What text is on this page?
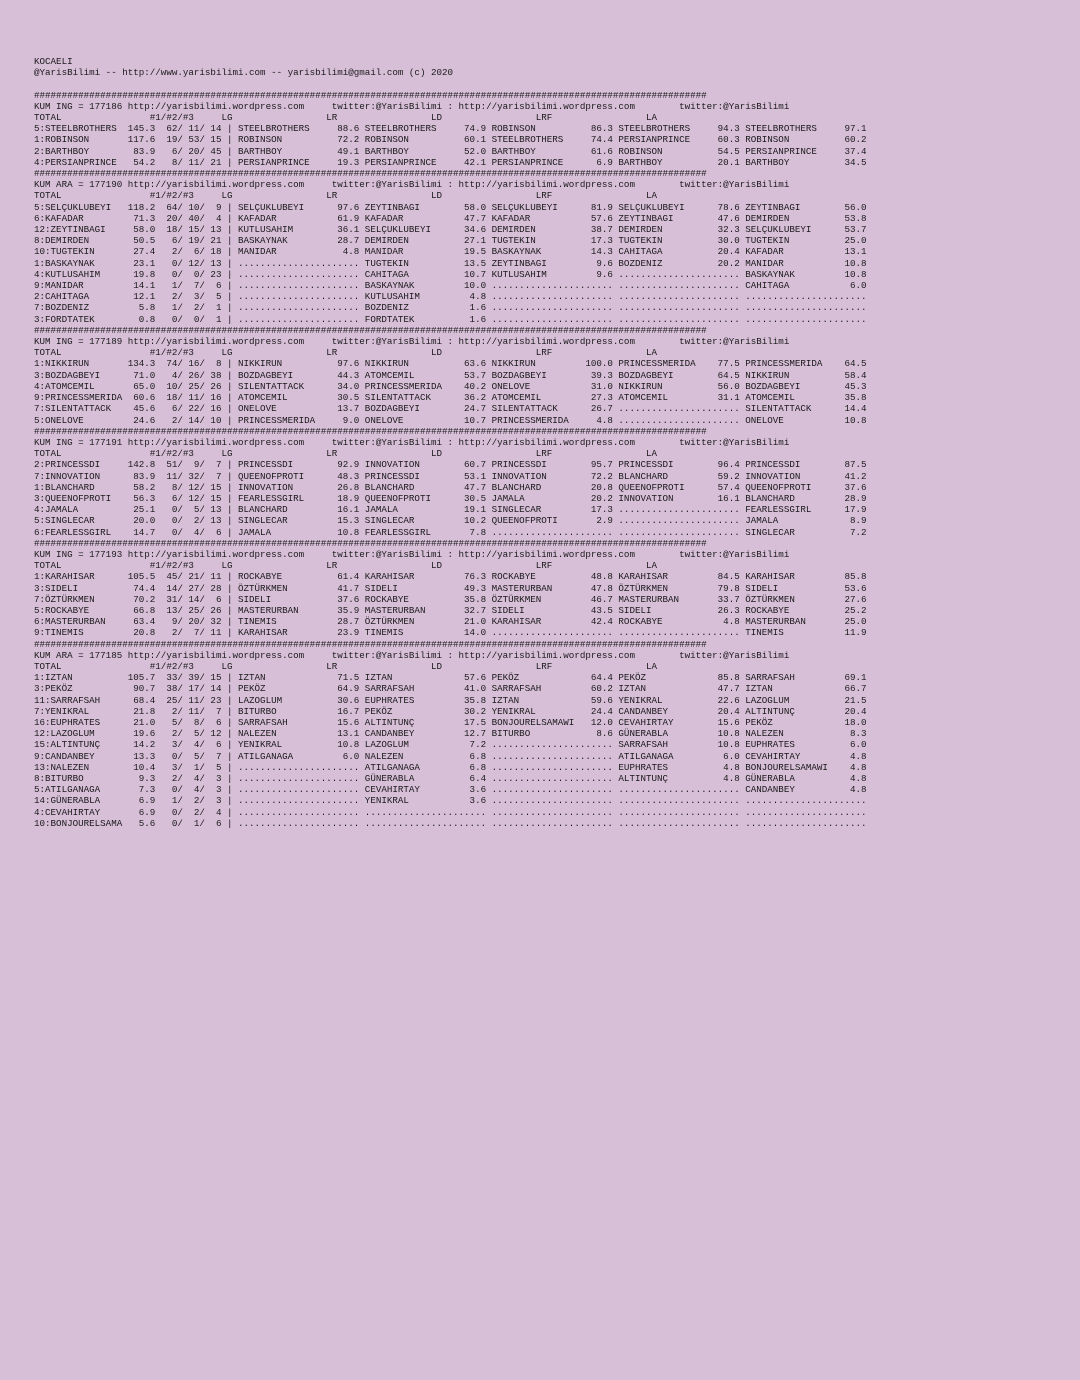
KOCAELI
@YarisBilimi -- http://www.yarisbilimi.com -- yarisbilimi@gmail.com (c) 2020

##########################################################################################################################
KUM ING = 177186 http://yarisbilimi.wordpress.com     twitter:@YarisBilimi : http://yarisbilimi.wordpress.com        twitter:@YarisBilimi
TOTAL                #1/#2/#3     LG                 LR                 LD                 LRF                 LA
5:STEELBROTHERS  145.3  62/ 11/ 14 | STEELBROTHERS     88.6 STEELBROTHERS     74.9 ROBINSON          86.3 STEELBROTHERS     94.3 STEELBROTHERS     97.1
1:ROBINSON       117.6  19/ 53/ 15 | ROBINSON          72.2 ROBINSON          60.1 STEELBROTHERS     74.4 PERSIANPRINCE     60.3 ROBINSON          60.2
2:BARTHBOY        83.9   6/ 20/ 45 | BARTHBOY          49.1 BARTHBOY          52.0 BARTHBOY          61.6 ROBINSON          54.5 PERSIANPRINCE     37.4
4:PERSIANPRINCE   54.2   8/ 11/ 21 | PERSIANPRINCE     19.3 PERSIANPRINCE     42.1 PERSIANPRINCE      6.9 BARTHBOY          20.1 BARTHBOY          34.5
##########################################################################################################################
KUM ARA = 177190 http://yarisbilimi.wordpress.com     twitter:@YarisBilimi : http://yarisbilimi.wordpress.com        twitter:@YarisBilimi
TOTAL                #1/#2/#3     LG                 LR                 LD                 LRF                 LA
5:SELÇUKLUBEYI   118.2  64/ 10/  9 | SELÇUKLUBEYI      97.6 ZEYTINBAGI        58.0 SELÇUKLUBEYI      81.9 SELÇUKLUBEYI      78.6 ZEYTINBAGI        56.0
6:KAFADAR         71.3  20/ 40/  4 | KAFADAR           61.9 KAFADAR           47.7 KAFADAR           57.6 ZEYTINBAGI        47.6 DEMIRDEN          53.8
12:ZEYTINBAGI     58.0  18/ 15/ 13 | KUTLUSAHIM        36.1 SELÇUKLUBEYI      34.6 DEMIRDEN          38.7 DEMIRDEN          32.3 SELÇUKLUBEYI      53.7
8:DEMIRDEN        50.5   6/ 19/ 21 | BASKAYNAK         28.7 DEMIRDEN          27.1 TUGTEKIN          17.3 TUGTEKIN          30.0 TUGTEKIN          25.0
10:TUGTEKIN       27.4   2/  6/ 18 | MANIDAR            4.8 MANIDAR           19.5 BASKAYNAK         14.3 CAHITAGA          20.4 KAFADAR           13.1
1:BASKAYNAK       23.1   0/ 12/ 13 | ...................... TUGTEKIN          13.5 ZEYTINBAGI         9.6 BOZDENIZ          20.2 MANIDAR           10.8
4:KUTLUSAHIM      19.8   0/  0/ 23 | ...................... CAHITAGA          10.7 KUTLUSAHIM         9.6 ...................... BASKAYNAK         10.8
9:MANIDAR         14.1   1/  7/  6 | ...................... BASKAYNAK         10.0 ...................... ...................... CAHITAGA           6.0
2:CAHITAGA        12.1   2/  3/  5 | ...................... KUTLUSAHIM         4.8 ...................... ...................... ......................
7:BOZDENIZ         5.8   1/  2/  1 | ...................... BOZDENIZ           1.6 ...................... ...................... ......................
3:FORDTATEK        0.8   0/  0/  1 | ...................... FORDTATEK          1.6 ...................... ...................... ......................
##########################################################################################################################
KUM ING = 177189 http://yarisbilimi.wordpress.com     twitter:@YarisBilimi : http://yarisbilimi.wordpress.com        twitter:@YarisBilimi
TOTAL                #1/#2/#3     LG                 LR                 LD                 LRF                 LA
1:NIKKIRUN       134.3  74/ 16/  8 | NIKKIRUN          97.6 NIKKIRUN          63.6 NIKKIRUN         100.0 PRINCESSMERIDA    77.5 PRINCESSMERIDA    64.5
3:BOZDAGBEYI      71.0   4/ 26/ 38 | BOZDAGBEYI        44.3 ATOMCEMIL         53.7 BOZDAGBEYI        39.3 BOZDAGBEYI        64.5 NIKKIRUN          58.4
4:ATOMCEMIL       65.0  10/ 25/ 26 | SILENTATTACK      34.0 PRINCESSMERIDA    40.2 ONELOVE           31.0 NIKKIRUN          56.0 BOZDAGBEYI        45.3
9:PRINCESSMERIDA  60.6  18/ 11/ 16 | ATOMCEMIL         30.5 SILENTATTACK      36.2 ATOMCEMIL         27.3 ATOMCEMIL         31.1 ATOMCEMIL         35.8
7:SILENTATTACK    45.6   6/ 22/ 16 | ONELOVE           13.7 BOZDAGBEYI        24.7 SILENTATTACK      26.7 ...................... SILENTATTACK      14.4
5:ONELOVE         24.6   2/ 14/ 10 | PRINCESSMERIDA     9.0 ONELOVE           10.7 PRINCESSMERIDA     4.8 ...................... ONELOVE           10.8
##########################################################################################################################
KUM ING = 177191 http://yarisbilimi.wordpress.com     twitter:@YarisBilimi : http://yarisbilimi.wordpress.com        twitter:@YarisBilimi
TOTAL                #1/#2/#3     LG                 LR                 LD                 LRF                 LA
2:PRINCESSDI     142.8  51/  9/  7 | PRINCESSDI        92.9 INNOVATION        60.7 PRINCESSDI        95.7 PRINCESSDI        96.4 PRINCESSDI        87.5
7:INNOVATION      83.9  11/ 32/  7 | QUEENOFPROTI      48.3 PRINCESSDI        53.1 INNOVATION        72.2 BLANCHARD         59.2 INNOVATION        41.2
1:BLANCHARD       58.2   8/ 12/ 15 | INNOVATION        26.8 BLANCHARD         47.7 BLANCHARD         20.8 QUEENOFPROTI      57.4 QUEENOFPROTI      37.6
3:QUEENOFPROTI    56.3   6/ 12/ 15 | FEARLESSGIRL      18.9 QUEENOFPROTI      30.5 JAMALA            20.2 INNOVATION        16.1 BLANCHARD         28.9
4:JAMALA          25.1   0/  5/ 13 | BLANCHARD         16.1 JAMALA            19.1 SINGLECAR         17.3 ...................... FEARLESSGIRL      17.9
5:SINGLECAR       20.0   0/  2/ 13 | SINGLECAR         15.3 SINGLECAR         10.2 QUEENOFPROTI       2.9 ...................... JAMALA             8.9
6:FEARLESSGIRL    14.7   0/  4/  6 | JAMALA            10.8 FEARLESSGIRL       7.8 ...................... ...................... SINGLECAR          7.2
##########################################################################################################################
KUM ING = 177193 http://yarisbilimi.wordpress.com     twitter:@YarisBilimi : http://yarisbilimi.wordpress.com        twitter:@YarisBilimi
TOTAL                #1/#2/#3     LG                 LR                 LD                 LRF                 LA
1:KARAHISAR      105.5  45/ 21/ 11 | ROCKABYE          61.4 KARAHISAR         76.3 ROCKABYE          48.8 KARAHISAR         84.5 KARAHISAR         85.8
3:SIDELI          74.4  14/ 27/ 28 | ÖZTÜRKMEN         41.7 SIDELI            49.3 MASTERURBAN       47.8 ÖZTÜRKMEN         79.8 SIDELI            53.6
7:ÖZTÜRKMEN       70.2  31/ 14/  6 | SIDELI            37.6 ROCKABYE          35.8 ÖZTÜRKMEN         46.7 MASTERURBAN       33.7 ÖZTÜRKMEN         27.6
5:ROCKABYE        66.8  13/ 25/ 26 | MASTERURBAN       35.9 MASTERURBAN       32.7 SIDELI            43.5 SIDELI            26.3 ROCKABYE          25.2
6:MASTERURBAN     63.4   9/ 20/ 32 | TINEMIS           28.7 ÖZTÜRKMEN         21.0 KARAHISAR         42.4 ROCKABYE           4.8 MASTERURBAN       25.0
9:TINEMIS         20.8   2/  7/ 11 | KARAHISAR         23.9 TINEMIS           14.0 ...................... ...................... TINEMIS           11.9
##########################################################################################################################
KUM ARA = 177185 http://yarisbilimi.wordpress.com     twitter:@YarisBilimi : http://yarisbilimi.wordpress.com        twitter:@YarisBilimi
TOTAL                #1/#2/#3     LG                 LR                 LD                 LRF                 LA
1:IZTAN          105.7  33/ 39/ 15 | IZTAN             71.5 IZTAN             57.6 PEKÖZ             64.4 PEKÖZ             85.8 SARRAFSAH         69.1
3:PEKÖZ           90.7  38/ 17/ 14 | PEKÖZ             64.9 SARRAFSAH         41.0 SARRAFSAH         60.2 IZTAN             47.7 IZTAN             66.7
11:SARRAFSAH      68.4  25/ 11/ 23 | LAZOGLUM          30.6 EUPHRATES         35.8 IZTAN             59.6 YENIKRAL          22.6 LAZOGLUM          21.5
7:YENIKRAL        21.8   2/ 11/  7 | BITURBO           16.7 PEKÖZ             30.2 YENIKRAL          24.4 CANDANBEY         20.4 ALTINTUNÇ         20.4
16:EUPHRATES      21.0   5/  8/  6 | SARRAFSAH         15.6 ALTINTUNÇ         17.5 BONJOURELSAMAWI   12.0 CEVAHIRTAY        15.6 PEKÖZ             18.0
12:LAZOGLUM       19.6   2/  5/ 12 | NALEZEN           13.1 CANDANBEY         12.7 BITURBO            8.6 GÜNERABLA         10.8 NALEZEN            8.3
15:ALTINTUNÇ      14.2   3/  4/  6 | YENIKRAL          10.8 LAZOGLUM           7.2 ...................... SARRAFSAH         10.8 EUPHRATES          6.0
9:CANDANBEY       13.3   0/  5/  7 | ATILGANAGA         6.0 NALEZEN            6.8 ...................... ATILGANAGA         6.0 CEVAHIRTAY         4.8
13:NALEZEN        10.4   3/  1/  5 | ...................... ATILGANAGA         6.8 ...................... EUPHRATES          4.8 BONJOURELSAMAWI    4.8
8:BITURBO          9.3   2/  4/  3 | ...................... GÜNERABLA          6.4 ...................... ALTINTUNÇ          4.8 GÜNERABLA          4.8
5:ATILGANAGA       7.3   0/  4/  3 | ...................... CEVAHIRTAY         3.6 ...................... ...................... CANDANBEY          4.8
14:GÜNERABLA       6.9   1/  2/  3 | ...................... YENIKRAL           3.6 ...................... ...................... ......................
4:CEVAHIRTAY       6.9   0/  2/  4 | ...................... ...................... ...................... ...................... ......................
10:BONJOURELSAMA   5.6   0/  1/  6 | ...................... ...................... ...................... ...................... ......................
